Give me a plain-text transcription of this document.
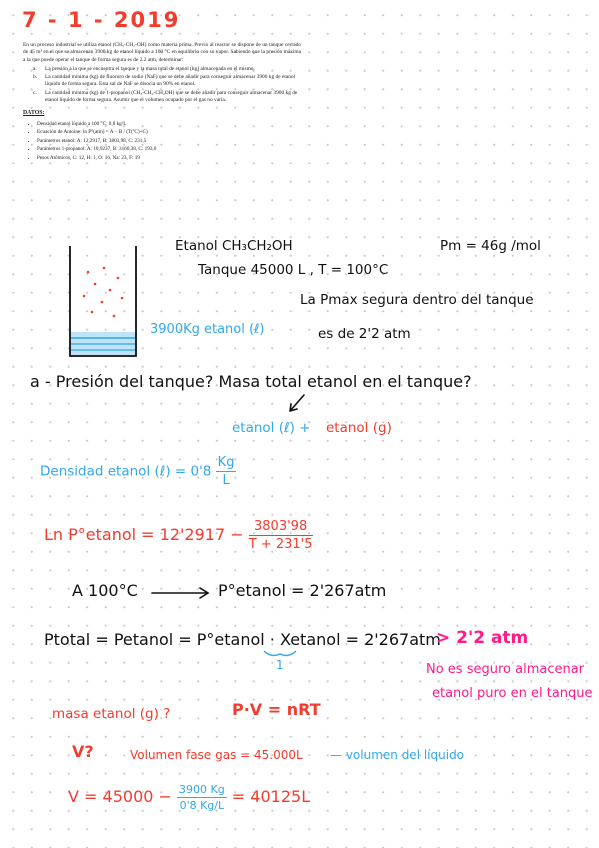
7 - 1 - 2019

En un proceso industrial se utiliza etanol (CH₃-CH₂-OH) como materia prima. Previo al reactor se dispone de un tanque cerrado de 45 m³ en el que se almacenan 3900 kg de etanol líquido a 100 °C en equilibrio con su vapor. Sabiendo que la presión máxima a la que puede operar el tanque de forma segura es de 2.2 atm, determinar:

a. La presión a la que se encuentra el tanque y la masa total de etanol (kg) almacenada en el mismo.
b. La cantidad mínima (kg) de fluoruro de sodio (NaF) que se debe añadir para conseguir almacenar 3900 kg de etanol líquido de forma segura. Esta sal de NaF se disocia un 90% en etanol.
c. La cantidad mínima (kg) de 1-propanol (CH₃-CH₂-CH₂OH) que se debe añadir para conseguir almacenar 3900 kg de etanol líquido de forma segura. Asumir que el volumen ocupado por el gas no varía.
DATOS:
• Densidad etanol líquido a 100 °C: 0,8 kg/L
• Ecuación de Antoine: ln P⁰(atm) = A − B / (T(ºC)+C)
• Parámetros etanol: A: 12,2917, B: 3803,98, C: 231,5
• Parámetros 1-propanol: A: 10,9237, B: 3166,38, C: 193,0
• Pesos Atómicos, C: 12, H: 1, O: 16, Na: 23, F: 19
3900Kg etanol (ℓ)
Etanol CH₃CH₂OH	Pm = 46g /mol
Tanque 45000 L , T = 100°C
La Pmax segura dentro del tanque
es de 2'2 atm
a - Presión del tanque? Masa total etanol en el tanque?
etanol (ℓ) + etanol (g)
Densidad etanol (ℓ) = $0'8 \frac{Kg}{L}$
Ln P°etanol = $12'2917 - \frac{3803'98}{T + 231'5}$
A 100°C	P°etanol = 2'267atm
Ptotal = Petanol = P°etanol · Xetanol = 2'267atm
1
> 2'2 atm
No es seguro almacenar
etanol puro en el tanque
masa etanol (g) ?	P·V = nRT
V?	Volumen fase gas = 45.000L — volumen del líquido
$V = 45000 - \frac{3900 Kg}{0'8 Kg/L} = 40125L$
